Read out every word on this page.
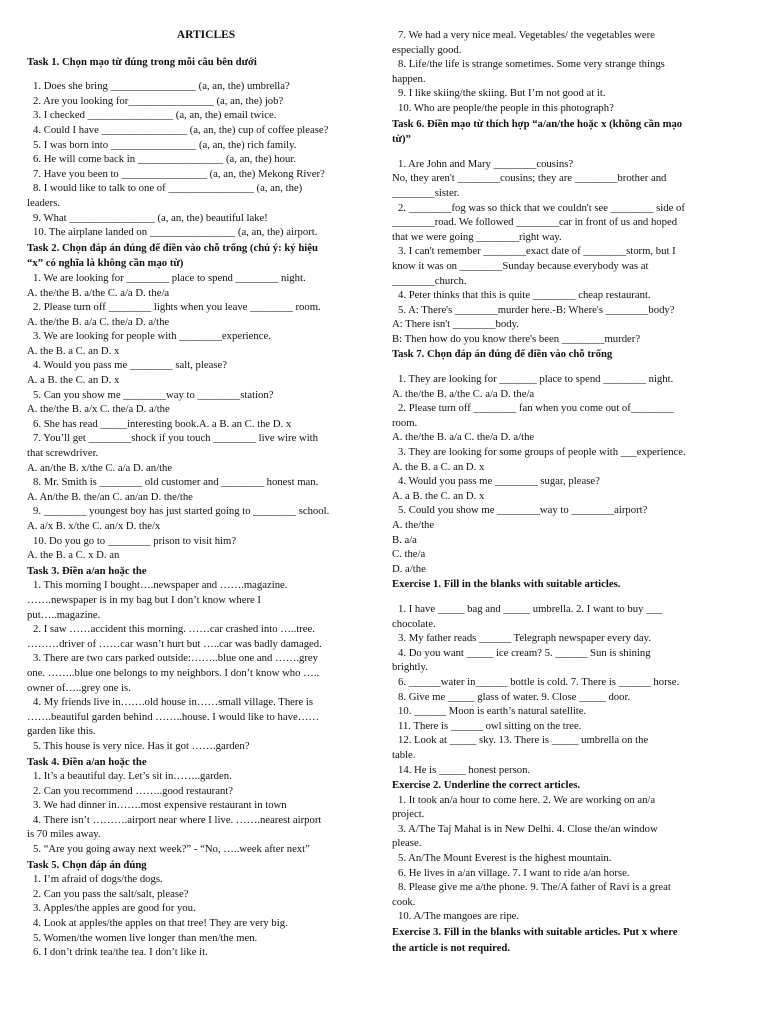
ARTICLES
Task 1. Chọn mạo từ đúng trong mỗi câu bên dưới
1. Does she bring ________________ (a, an, the) umbrella?
2. Are you looking for________________ (a, an, the) job?
3. I checked ________________ (a, an, the) email twice.
4. Could I have ________________ (a, an, the) cup of coffee please?
5. I was born into ________________ (a, an, the) rich family.
6. He will come back in ________________ (a, an, the) hour.
7. Have you been to ________________ (a, an, the) Mekong River?
8. I would like to talk to one of ________________ (a, an, the)
leaders.
9. What ________________ (a, an, the) beautiful lake!
10. The airplane landed on ________________ (a, an, the) airport.
Task 2. Chọn đáp án đúng để điền vào chỗ trống (chú ý: ký hiệu
“x” có nghĩa là không cần mạo từ)
1. We are looking for ________ place to spend ________ night.
A. the/the B. a/the C. a/a D. the/a
2. Please turn off ________ lights when you leave ________ room.
A. the/the B. a/a C. the/a D. a/the
3. We are looking for people with ________experience.
A. the B. a C. an D. x
4. Would you pass me ________ salt, please?
A. a B. the C. an D. x
5. Can you show me ________way to ________station?
A. the/the B. a/x C. the/a D. a/the
6. She has read _____interesting book.A. a B. an C. the D. x
7. You’ll get ________shock if you touch ________ live wire with
that screwdriver.
A. an/the B. x/the C. a/a D. an/the
8. Mr. Smith is ________ old customer and ________ honest man.
A. An/the B. the/an C. an/an D. the/the
9. ________ youngest boy has just started going to ________ school.
A. a/x B. x/the C. an/x D. the/x
10. Do you go to ________ prison to visit him?
A. the B. a C. x D. an
Task 3. Điền a/an hoặc the
1. This morning I bought….newspaper and …….magazine.
…….newspaper is in my bag but I don’t know where I
put…..magazine.
2. I saw ……accident this morning. ……car crashed into …..tree.
………driver of ……car wasn’t hurt but …..car was badly damaged.
3. There are two cars parked outside:……..blue one and …….grey
one. ……..blue one belongs to my neighbors. I don’t know who …..
owner of…..grey one is.
4. My friends live in…….old house in……small village. There is
…….beautiful garden behind ……..house. I would like to have……
garden like this.
5. This house is very nice. Has it got …….garden?
Task 4. Điền a/an hoặc the
1. It’s a beautiful day. Let’s sit in……..garden.
2. Can you recommend ……..good restaurant?
3. We had dinner in…….most expensive restaurant in town
4. There isn’t ……….airport near where I live. …….nearest airport
is 70 miles away.
5. “Are you going away next week?” - “No, …..week after next”
Task 5. Chọn đáp án đúng
1. I’m afraid of dogs/the dogs.
2. Can you pass the salt/salt, please?
3. Apples/the apples are good for you.
4. Look at apples/the apples on that tree! They are very big.
5. Women/the women live longer than men/the men.
6. I don’t drink tea/the tea. I don’t like it.
7. We had a very nice meal. Vegetables/ the vegetables were
especially good.
8. Life/the life is strange sometimes. Some very strange things
happen.
9. I like skiing/the skiing. But I’m not good at it.
10. Who are people/the people in this photograph?
Task 6. Điền mạo từ thích hợp “a/an/the hoặc x (không cần mạo
từ)”
1. Are John and Mary ________cousins?
No, they aren't ________cousins; they are ________brother and
________sister.
2. ________fog was so thick that we couldn't see ________ side of
________road. We followed ________car in front of us and hoped
that we were going ________right way.
3. I can't remember ________exact date of ________storm, but I
know it was on ________Sunday because everybody was at
________church.
4. Peter thinks that this is quite ________ cheap restaurant.
5. A: There's ________murder here.-B: Where's ________body?
A: There isn't ________body.
B: Then how do you know there's been ________murder?
Task 7. Chọn đáp án đúng để điền vào chỗ trống
1. They are looking for _______ place to spend ________ night.
A. the/the B. a/the C. a/a D. the/a
2. Please turn off ________ fan when you come out of________
room.
A. the/the B. a/a C. the/a D. a/the
3. They are looking for some groups of people with ___experience.
A. the B. a C. an D. x
4. Would you pass me ________ sugar, please?
A. a B. the C. an D. x
5. Could you show me ________way to ________airport?
A. the/the
B. a/a
C. the/a
D. a/the
Exercise 1. Fill in the blanks with suitable articles.
1. I have _____ bag and _____ umbrella. 2. I want to buy ___
chocolate.
3. My father reads ______ Telegraph newspaper every day.
4. Do you want _____ ice cream? 5. ______ Sun is shining
brightly.
6. ______water in______ bottle is cold. 7. There is ______ horse.
8. Give me _____ glass of water. 9. Close _____ door.
10. ______ Moon is earth’s natural satellite.
11. There is ______ owl sitting on the tree.
12. Look at _____ sky. 13. There is _____ umbrella on the
table.
14. He is _____ honest person.
Exercise 2. Underline the correct articles.
1. It took an/a hour to come here. 2. We are working on an/a
project.
3. A/The Taj Mahal is in New Delhi. 4. Close the/an window
please.
5. An/The Mount Everest is the highest mountain.
6. He lives in a/an village. 7. I want to ride a/an horse.
8. Please give me a/the phone. 9. The/A father of Ravi is a great
cook.
10. A/The mangoes are ripe.
Exercise 3. Fill in the blanks with suitable articles. Put x where
the article is not required.
